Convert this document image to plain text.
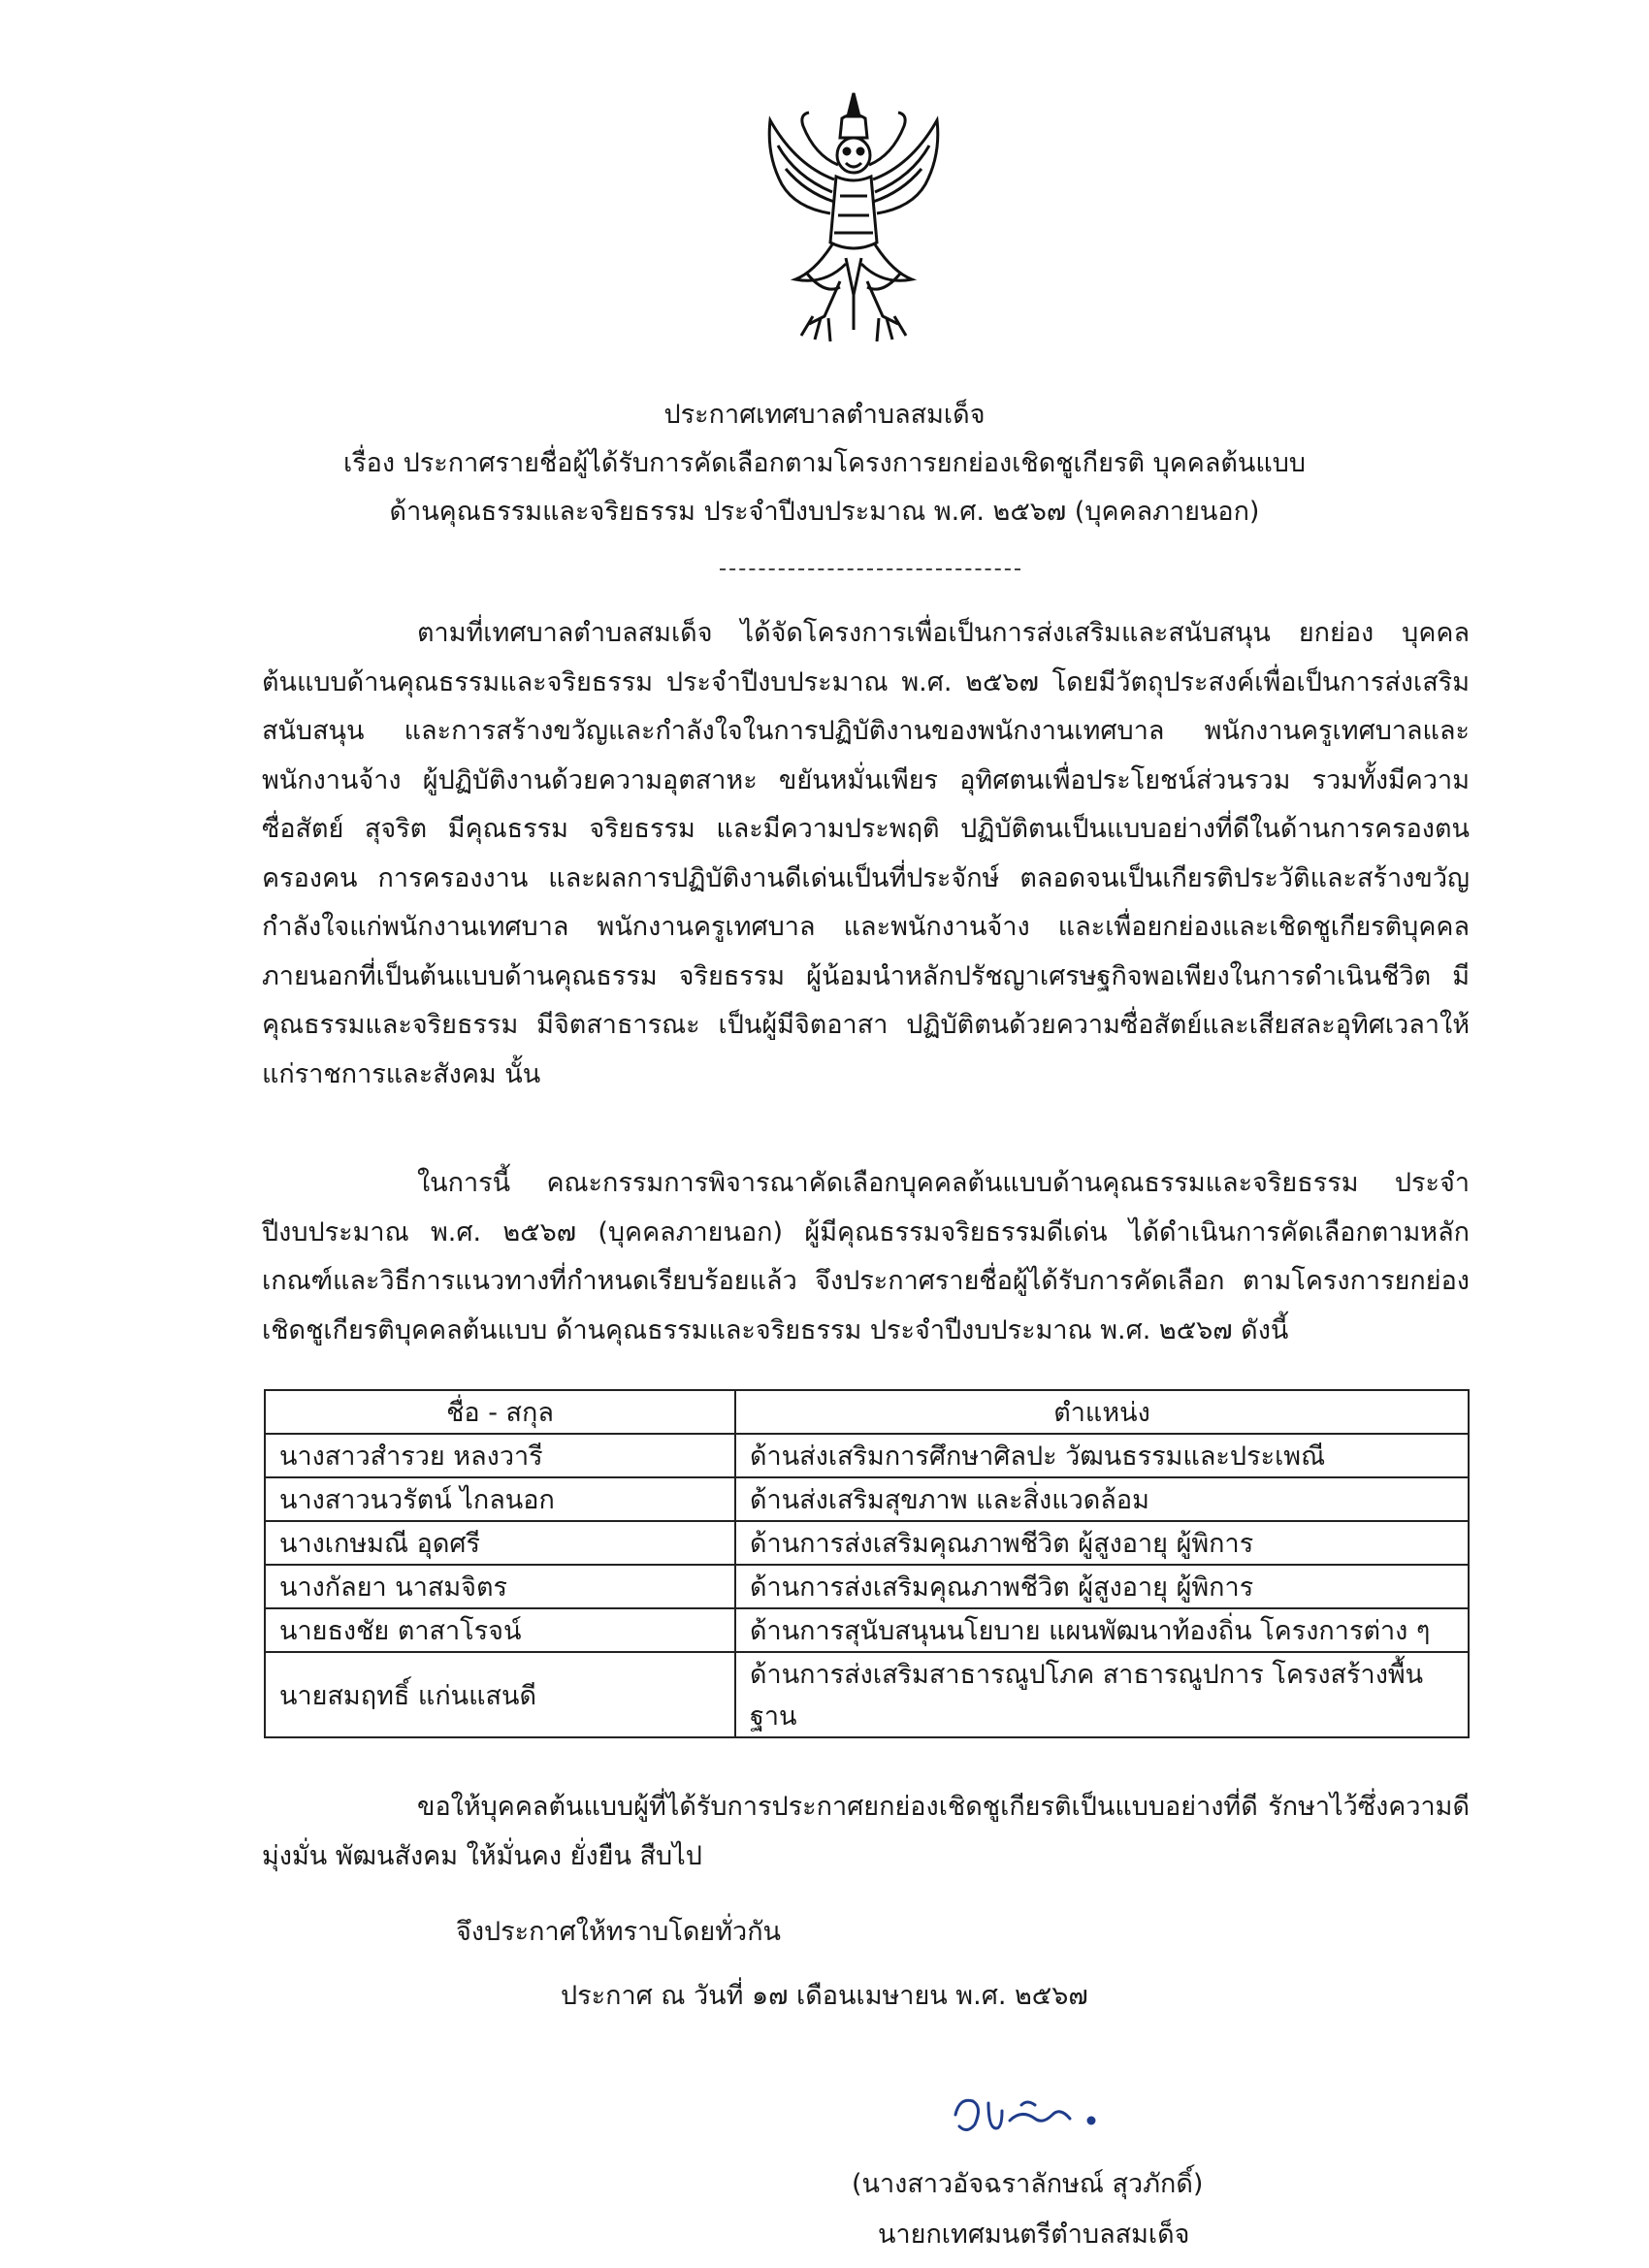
ประกาศเทศบาลตำบลสมเด็จ
เรื่อง ประกาศรายชื่อผู้ได้รับการคัดเลือกตามโครงการยกย่องเชิดชูเกียรติ บุคคลต้นแบบ
ด้านคุณธรรมและจริยธรรม ประจำปีงบประมาณ พ.ศ. ๒๕๖๗ (บุคคลภายนอก)

ตามที่เทศบาลตำบลสมเด็จ ได้จัดโครงการเพื่อเป็นการส่งเสริมและสนับสนุน ยกย่อง บุคคลต้นแบบด้านคุณธรรมและจริยธรรม ประจำปีงบประมาณ พ.ศ. ๒๕๖๗ โดยมีวัตถุประสงค์เพื่อเป็นการส่งเสริมสนับสนุน และการสร้างขวัญและกำลังใจในการปฏิบัติงานของพนักงานเทศบาล พนักงานครูเทศบาลและพนักงานจ้าง ผู้ปฏิบัติงานด้วยความอุตสาหะ ขยันหมั่นเพียร อุทิศตนเพื่อประโยชน์ส่วนรวม รวมทั้งมีความซื่อสัตย์ สุจริต มีคุณธรรม จริยธรรม และมีความประพฤติ ปฏิบัติตนเป็นแบบอย่างที่ดีในด้านการครองตน ครองคน การครองงาน และผลการปฏิบัติงานดีเด่นเป็นที่ประจักษ์ ตลอดจนเป็นเกียรติประวัติและสร้างขวัญกำลังใจแก่พนักงานเทศบาล พนักงานครูเทศบาล และพนักงานจ้าง และเพื่อยกย่องและเชิดชูเกียรติบุคคลภายนอกที่เป็นต้นแบบด้านคุณธรรม จริยธรรม ผู้น้อมนำหลักปรัชญาเศรษฐกิจพอเพียงในการดำเนินชีวิต มีคุณธรรมและจริยธรรม มีจิตสาธารณะ เป็นผู้มีจิตอาสา ปฏิบัติตนด้วยความซื่อสัตย์และเสียสละอุทิศเวลาให้แก่ราชการและสังคม นั้น

ในการนี้ คณะกรรมการพิจารณาคัดเลือกบุคคลต้นแบบด้านคุณธรรมและจริยธรรม ประจำปีงบประมาณ พ.ศ. ๒๕๖๗ (บุคคลภายนอก) ผู้มีคุณธรรมจริยธรรมดีเด่น ได้ดำเนินการคัดเลือกตามหลักเกณฑ์และวิธีการแนวทางที่กำหนดเรียบร้อยแล้ว จึงประกาศรายชื่อผู้ได้รับการคัดเลือก ตามโครงการยกย่องเชิดชูเกียรติบุคคลต้นแบบ ด้านคุณธรรมและจริยธรรม ประจำปีงบประมาณ พ.ศ. ๒๕๖๗ ดังนี้

ชื่อ - สกุล	ตำแหน่ง
นางสาวสำรวย หลงวารี	ด้านส่งเสริมการศึกษาศิลปะ วัฒนธรรมและประเพณี
นางสาวนวรัตน์ ไกลนอก	ด้านส่งเสริมสุขภาพ และสิ่งแวดล้อม
นางเกษมณี อุดศรี	ด้านการส่งเสริมคุณภาพชีวิต ผู้สูงอายุ ผู้พิการ
นางกัลยา นาสมจิตร	ด้านการส่งเสริมคุณภาพชีวิต ผู้สูงอายุ ผู้พิการ
นายธงชัย ตาสาโรจน์	ด้านการสุนับสนุนนโยบาย แผนพัฒนาท้องถิ่น โครงการต่าง ๆ
นายสมฤทธิ์ แก่นแสนดี	ด้านการส่งเสริมสาธารณูปโภค สาธารณูปการ โครงสร้างพื้นฐาน

ขอให้บุคคลต้นแบบผู้ที่ได้รับการประกาศยกย่องเชิดชูเกียรติเป็นแบบอย่างที่ดี รักษาไว้ซึ่งความดี มุ่งมั่น พัฒนสังคม ให้มั่นคง ยั่งยืน สืบไป

จึงประกาศให้ทราบโดยทั่วกัน
ประกาศ ณ วันที่ ๑๗ เดือนเมษายน พ.ศ. ๒๕๖๗
(นางสาวอัจฉราลักษณ์ สุวภักดิ์)
นายกเทศมนตรีตำบลสมเด็จ
